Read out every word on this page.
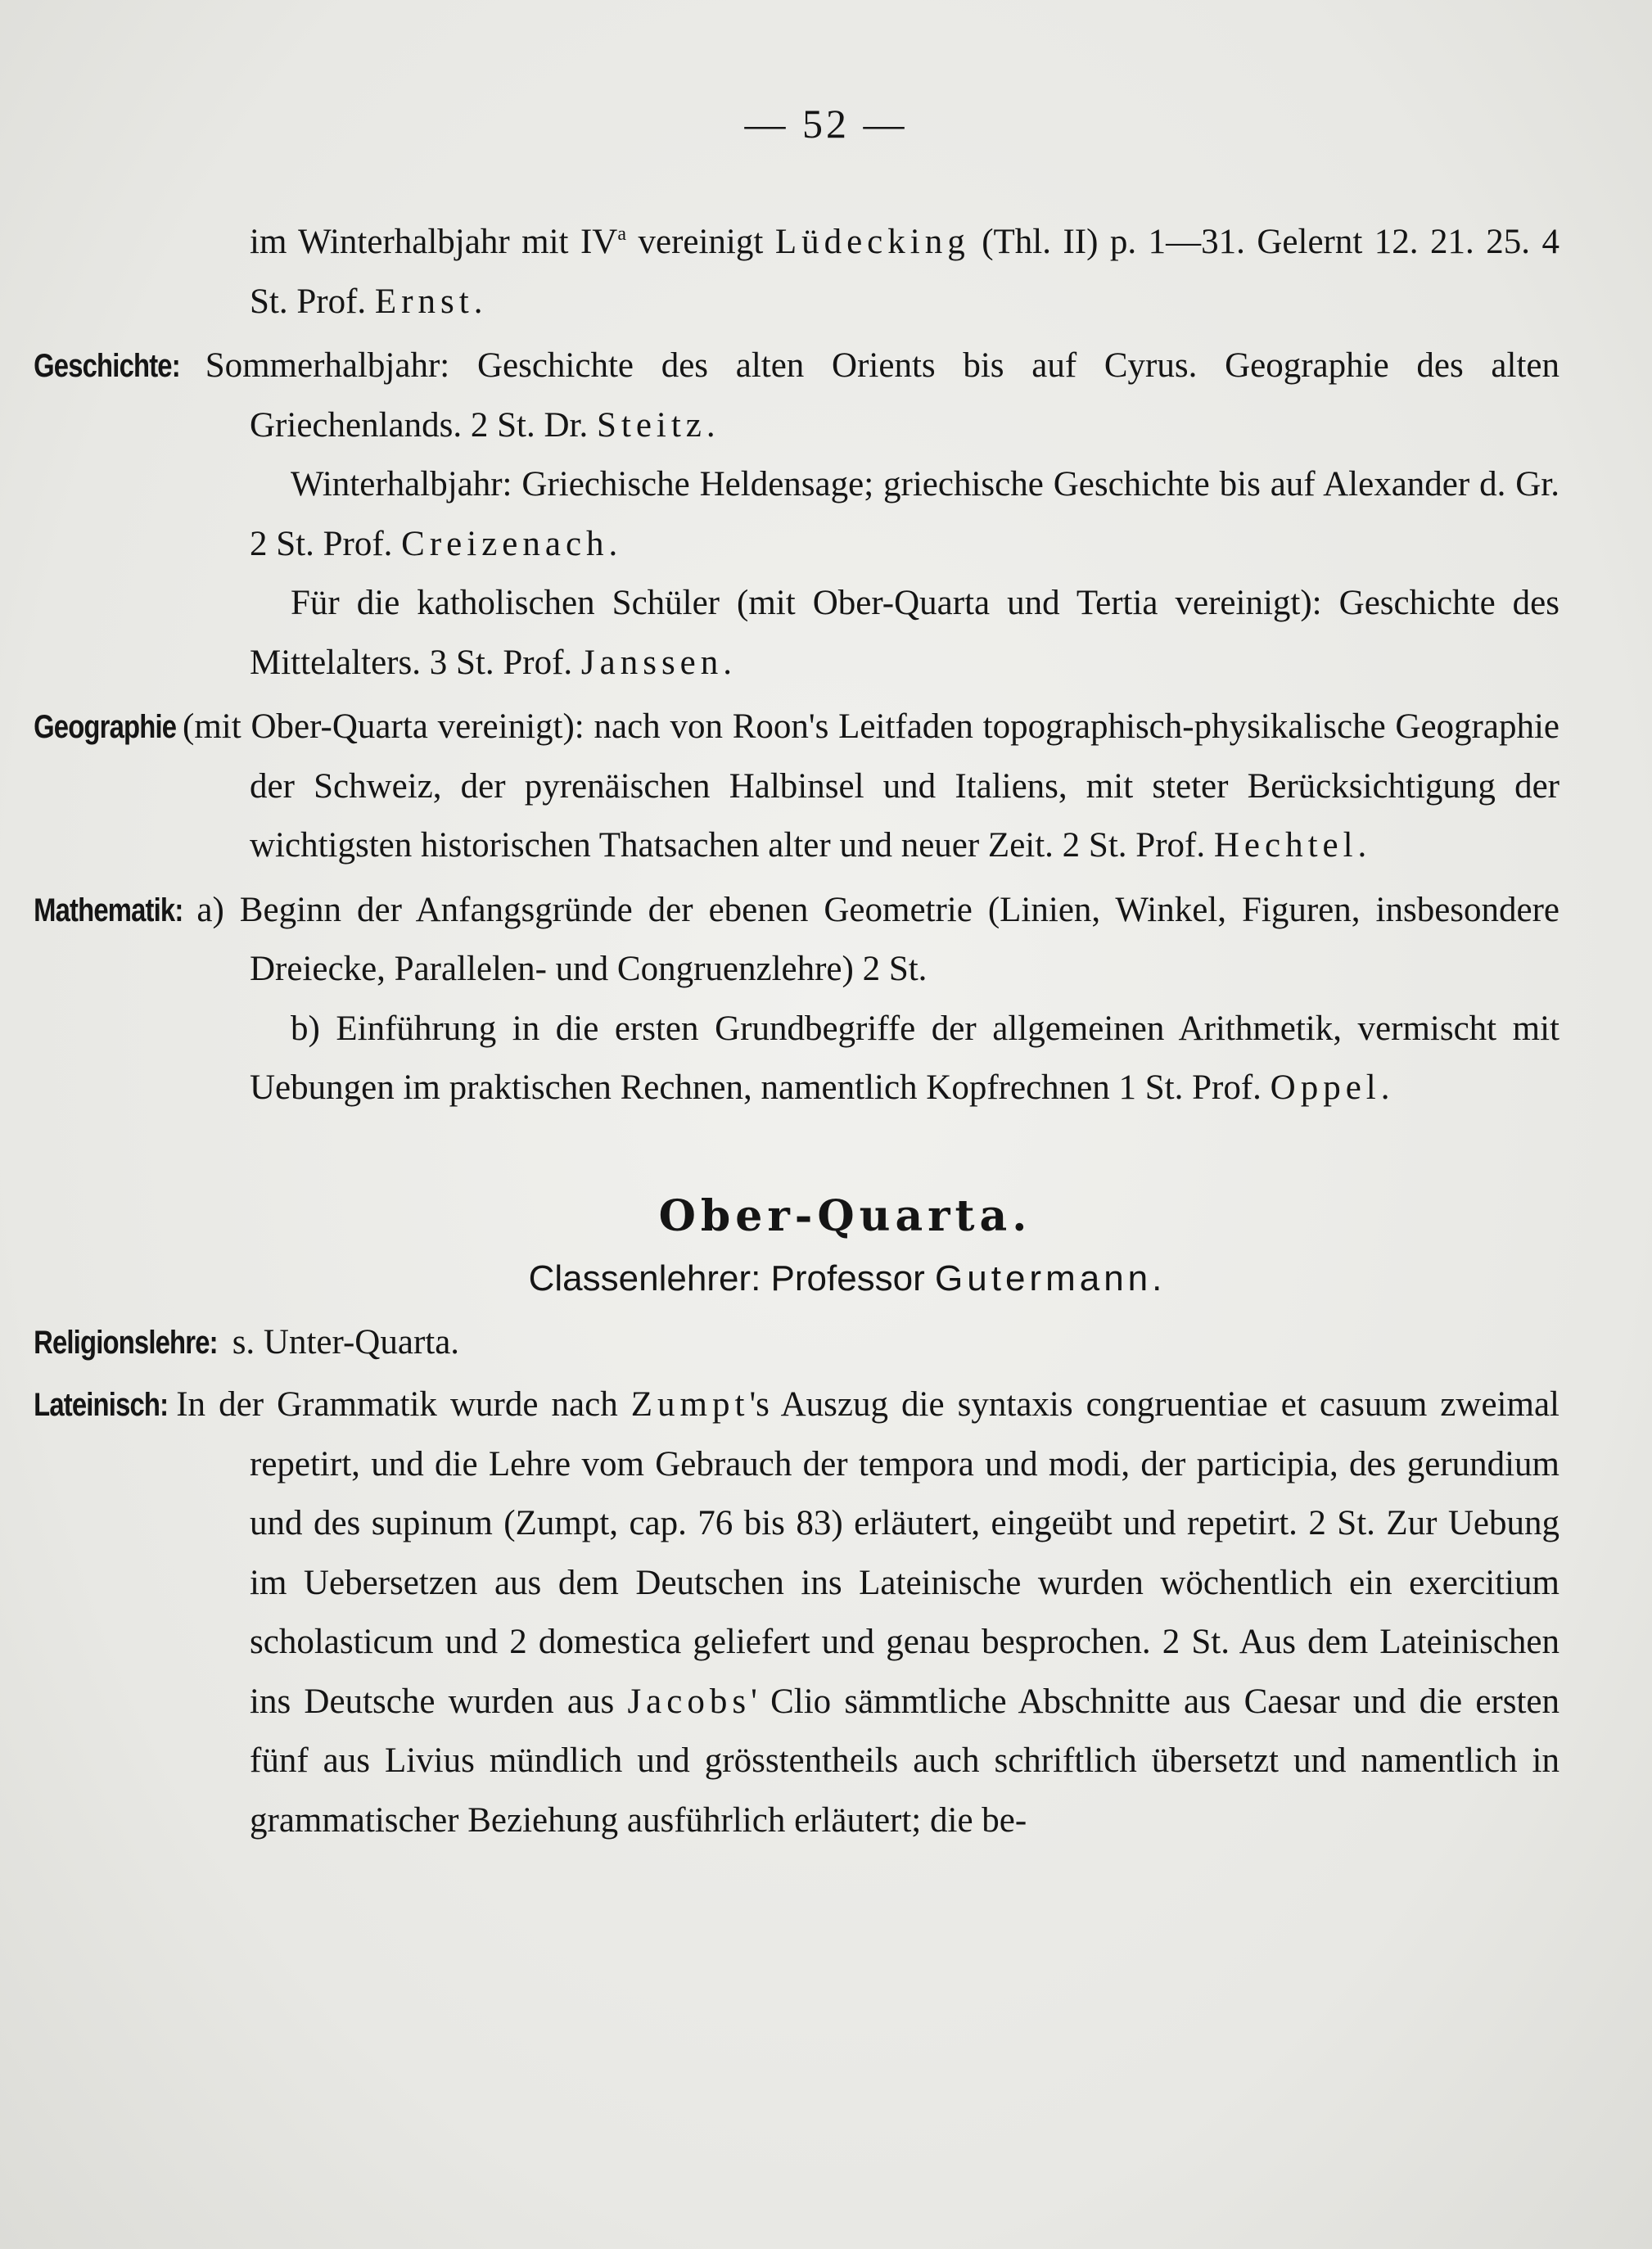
— 52 —

im Winterhalbjahr mit $IV^a$ vereinigt Lüdecking (Thl. II) p. 1—31. Gelernt 12. 21. 25. 4 St. Prof. Ernst.

Geschichte: Sommerhalbjahr: Geschichte des alten Orients bis auf Cyrus. Geographie des alten Griechenlands. 2 St. Dr. Steitz.

Winterhalbjahr: Griechische Heldensage; griechische Geschichte bis auf Alexander d. Gr. 2 St. Prof. Creizenach.

Für die katholischen Schüler (mit Ober-Quarta und Tertia vereinigt): Geschichte des Mittelalters. 3 St. Prof. Janssen.

Geographie (mit Ober-Quarta vereinigt): nach von Roon's Leitfaden topographisch-physikalische Geographie der Schweiz, der pyrenäischen Halbinsel und Italiens, mit steter Berücksichtigung der wichtigsten historischen Thatsachen alter und neuer Zeit. 2 St. Prof. Hechtel.

Mathematik: a) Beginn der Anfangsgründe der ebenen Geometrie (Linien, Winkel, Figuren, insbesondere Dreiecke, Parallelen- und Congruenzlehre) 2 St.

b) Einführung in die ersten Grundbegriffe der allgemeinen Arithmetik, vermischt mit Uebungen im praktischen Rechnen, namentlich Kopfrechnen 1 St. Prof. Oppel.

Ober-Quarta.
Classenlehrer: Professor Gutermann.

Religionslehre: s. Unter-Quarta.

Lateinisch: In der Grammatik wurde nach Zumpt's Auszug die syntaxis congruentiae et casuum zweimal repetirt, und die Lehre vom Gebrauch der tempora und modi, der participia, des gerundium und des supinum (Zumpt, cap. 76 bis 83) erläutert, eingeübt und repetirt. 2 St. Zur Uebung im Uebersetzen aus dem Deutschen ins Lateinische wurden wöchentlich ein exercitium scholasticum und 2 domestica geliefert und genau besprochen. 2 St. Aus dem Lateinischen ins Deutsche wurden aus Jacobs' Clio sämmtliche Abschnitte aus Caesar und die ersten fünf aus Livius mündlich und grösstentheils auch schriftlich übersetzt und namentlich in grammatischer Beziehung ausführlich erläutert; die be-
